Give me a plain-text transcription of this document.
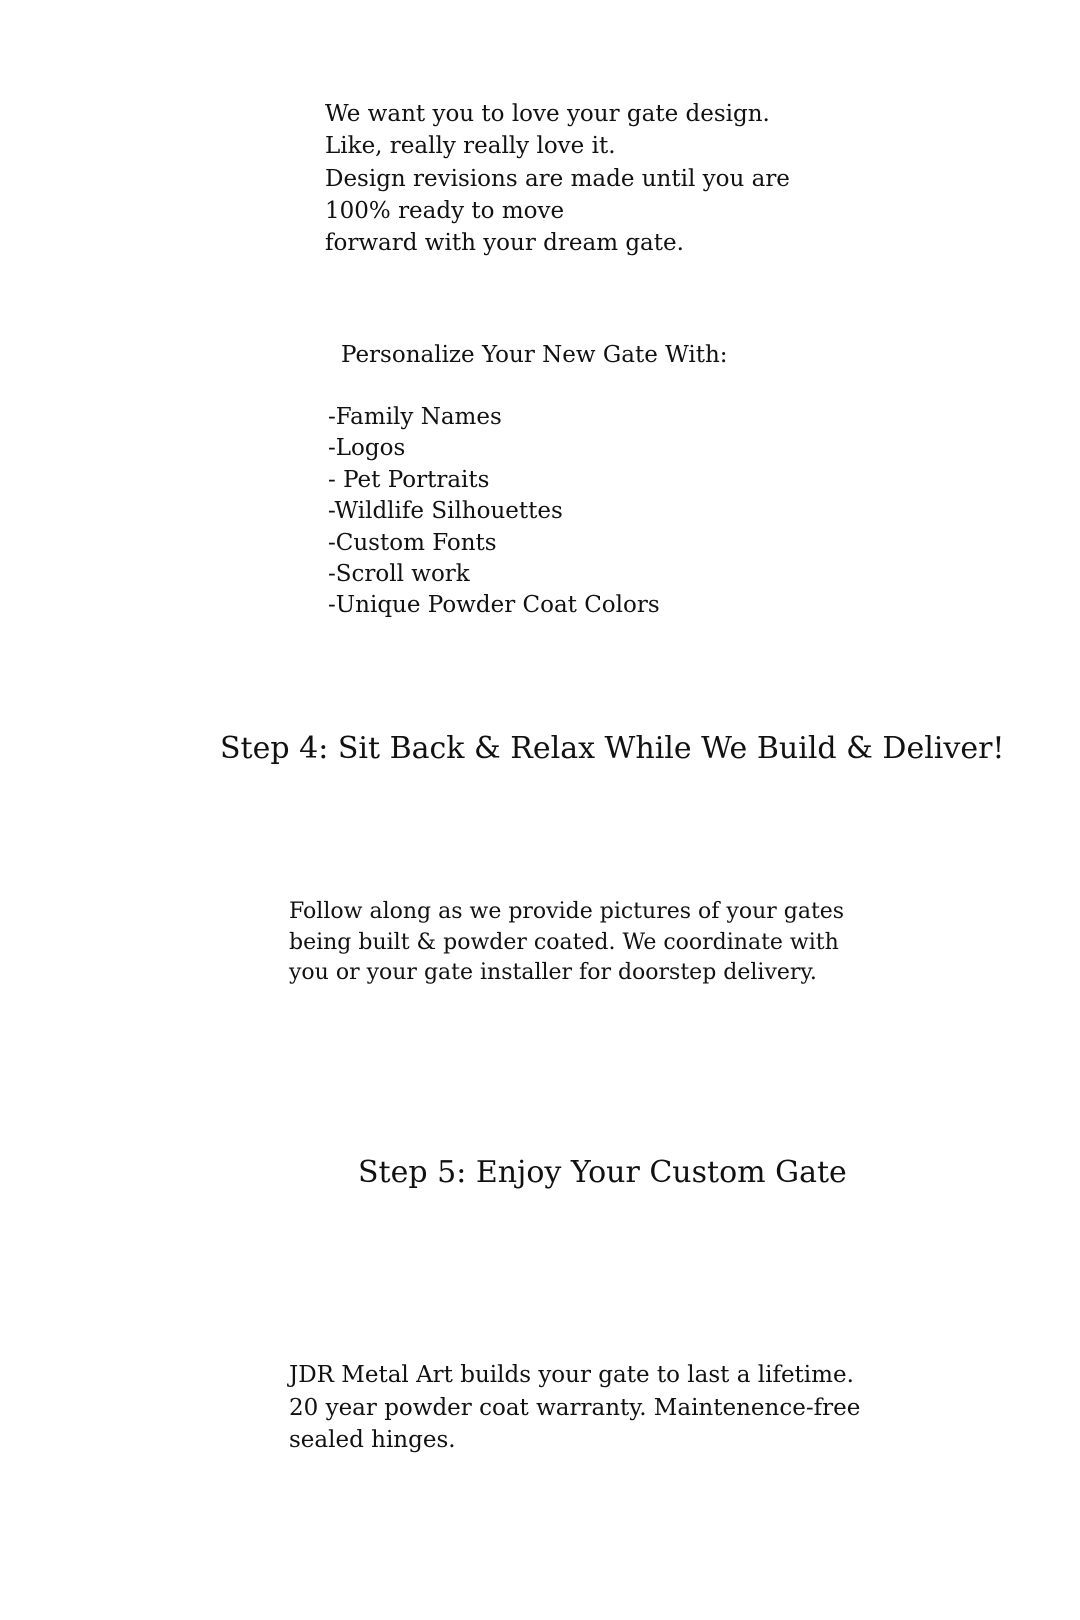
We want you to love your gate design.
Like, really really love it.
Design revisions are made until you are
100% ready to move
forward with your dream gate.
Personalize Your New Gate With:
-Family Names
-Logos
- Pet Portraits
-Wildlife Silhouettes
-Custom Fonts
-Scroll work
-Unique Powder Coat Colors
Step 4: Sit Back & Relax While We Build & Deliver!
Follow along as we provide pictures of your gates
being built & powder coated. We coordinate with
you or your gate installer for doorstep delivery.
Step 5: Enjoy Your Custom Gate
JDR Metal Art builds your gate to last a lifetime.
20 year powder coat warranty. Maintenence-free
sealed hinges.
